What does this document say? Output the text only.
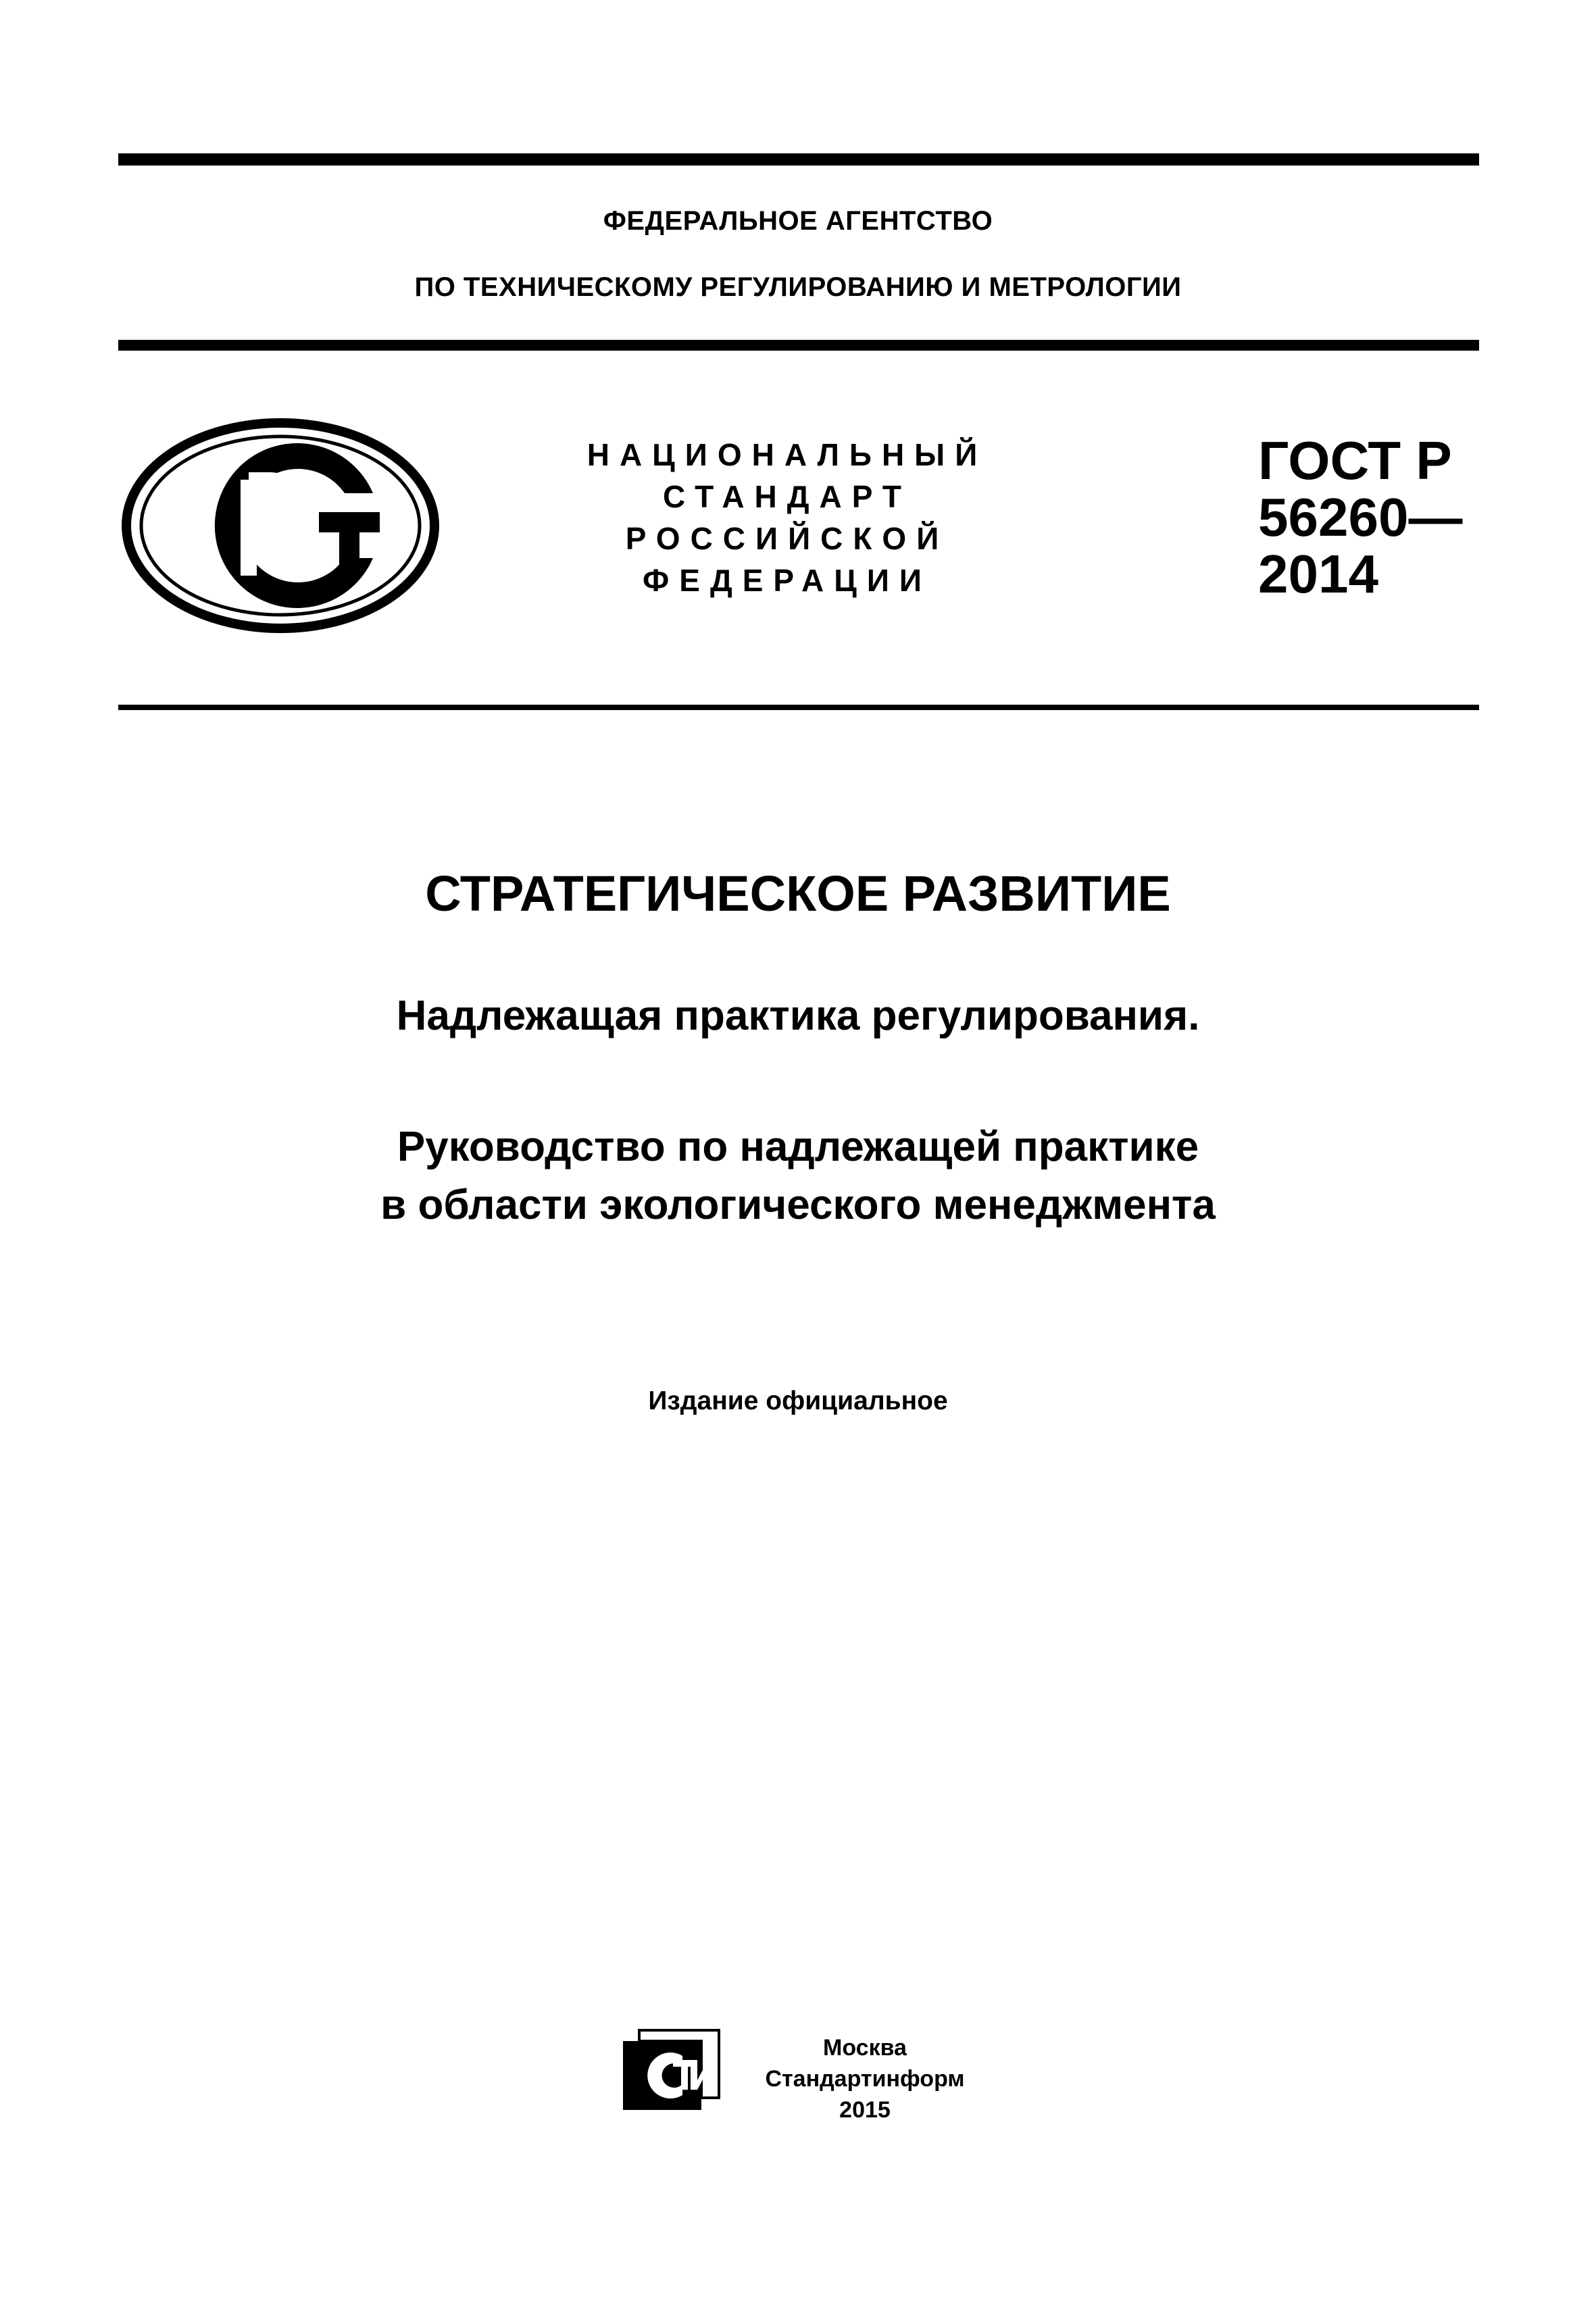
ФЕДЕРАЛЬНОЕ АГЕНТСТВО
ПО ТЕХНИЧЕСКОМУ РЕГУЛИРОВАНИЮ И МЕТРОЛОГИИ
НАЦИОНАЛЬНЫЙ
СТАНДАРТ
РОССИЙСКОЙ
ФЕДЕРАЦИИ
ГОСТ Р
56260—
2014
СТРАТЕГИЧЕСКОЕ РАЗВИТИЕ
Надлежащая практика регулирования.
Руководство по надлежащей практике
в области экологического менеджмента
Издание официальное
Москва
Стандартинформ
2015
